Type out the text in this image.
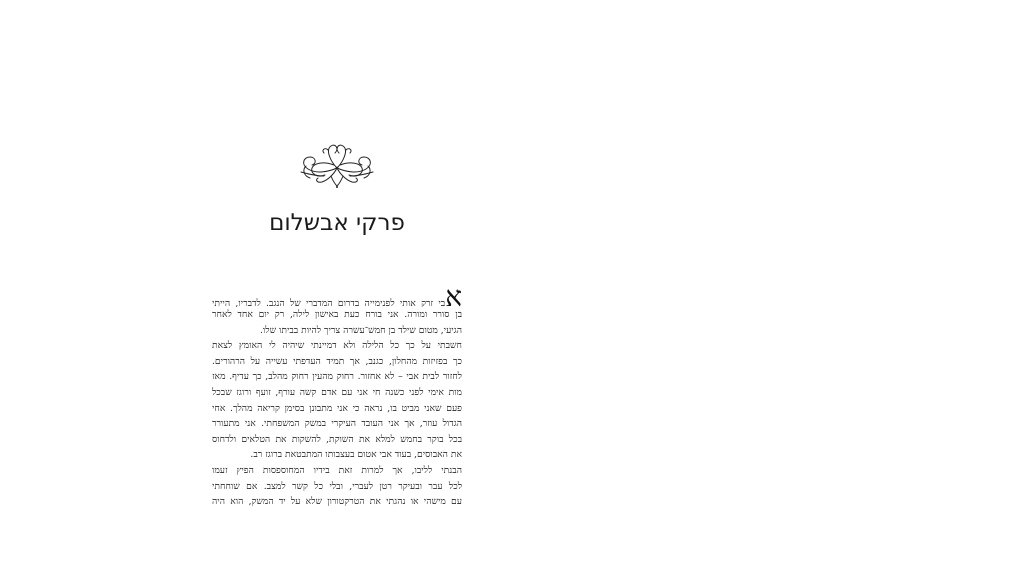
פרקי אבשלום
אבי זרק אותי לפנימייה בדרום המדברי של הנגב. לדבריו, הייתי
בן סורר ומורה. אני בורח כעת באישון לילה, רק יום אחד לאחר
הגיעי, מטום שילד בן חמש־עשרה צריך להיות בביתו שלו.
חשבתי על כך כל הלילה ולא דמיינתי שיהיה לי האומץ לצאת
כך בפזיזות מהחלון, כגנב, אך תמיד העדפתי עשייה על הרהורים.
לחזור לבית אבי – לא אחזור. רחוק מהעין רחוק מהלב, כך עדיף. מאז
מות אימי לפני כשנה חי אני עם אדם קשה עורף, זועף ורוגז שבכל
פעם שאני מביט בו, נראה כי אני מתבונן בסימן קריאה מהלך. אחי
הגדול עוזר, אך אני העובד העיקרי במשק המשפחתי. אני מתעורר
בכל בוקר בחמש למלא את השוקת, להשקות את הטלאים ולדחוס
את האבוסים, בעוד אבי אטום בעצבותו המתבטאת ברוגז רב.
הבנתי לליבו, אך למרות זאת בידיו המחוספסות הפיץ זעמו
לכל עבר ובעיקר רטן לעברי, ובלי כל קשר למצב. אם שוחחתי
עם מישהי או נהגתי את הטרקטורון שלא על יד המשק, הוא היה
